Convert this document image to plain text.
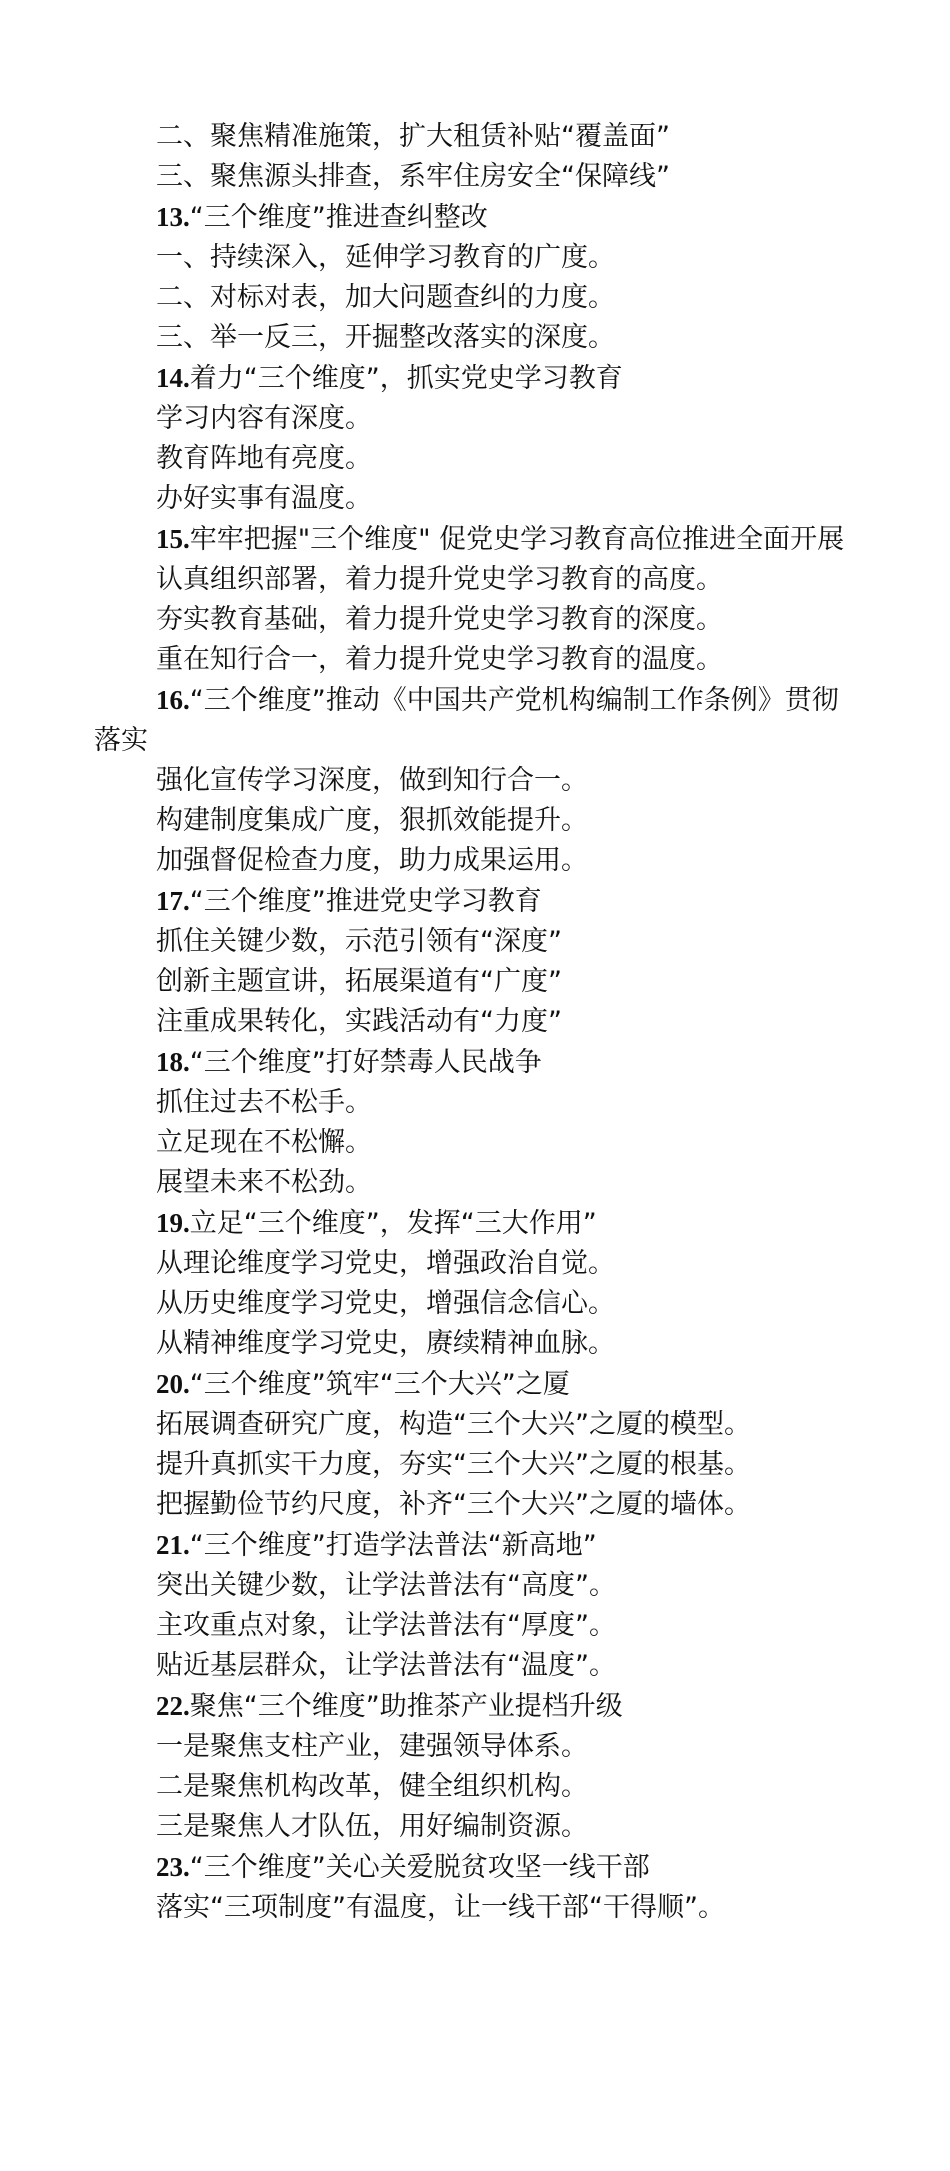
二、聚焦精准施策，扩大租赁补贴“覆盖面”
三、聚焦源头排查，系牢住房安全“保障线”
13.“三个维度”推进查纠整改
一、持续深入，延伸学习教育的广度。
二、对标对表，加大问题查纠的力度。
三、举一反三，开掘整改落实的深度。
14.着力“三个维度”，抓实党史学习教育
学习内容有深度。
教育阵地有亮度。
办好实事有温度。
15.牢牢把握"三个维度" 促党史学习教育高位推进全面开展
认真组织部署，着力提升党史学习教育的高度。
夯实教育基础，着力提升党史学习教育的深度。
重在知行合一，着力提升党史学习教育的温度。
16.“三个维度”推动《中国共产党机构编制工作条例》贯彻落实
强化宣传学习深度，做到知行合一。
构建制度集成广度，狠抓效能提升。
加强督促检查力度，助力成果运用。
17.“三个维度”推进党史学习教育
抓住关键少数，示范引领有“深度”
创新主题宣讲，拓展渠道有“广度”
注重成果转化，实践活动有“力度”
18.“三个维度”打好禁毒人民战争
抓住过去不松手。
立足现在不松懈。
展望未来不松劲。
19.立足“三个维度”，发挥“三大作用”
从理论维度学习党史，增强政治自觉。
从历史维度学习党史，增强信念信心。
从精神维度学习党史，赓续精神血脉。
20.“三个维度”筑牢“三个大兴”之厦
拓展调查研究广度，构造“三个大兴”之厦的模型。
提升真抓实干力度，夯实“三个大兴”之厦的根基。
把握勤俭节约尺度，补齐“三个大兴”之厦的墙体。
21.“三个维度”打造学法普法“新高地”
突出关键少数，让学法普法有“高度”。
主攻重点对象，让学法普法有“厚度”。
贴近基层群众，让学法普法有“温度”。
22.聚焦“三个维度”助推茶产业提档升级
一是聚焦支柱产业，建强领导体系。
二是聚焦机构改革，健全组织机构。
三是聚焦人才队伍，用好编制资源。
23.“三个维度”关心关爱脱贫攻坚一线干部
落实“三项制度”有温度，让一线干部“干得顺”。
